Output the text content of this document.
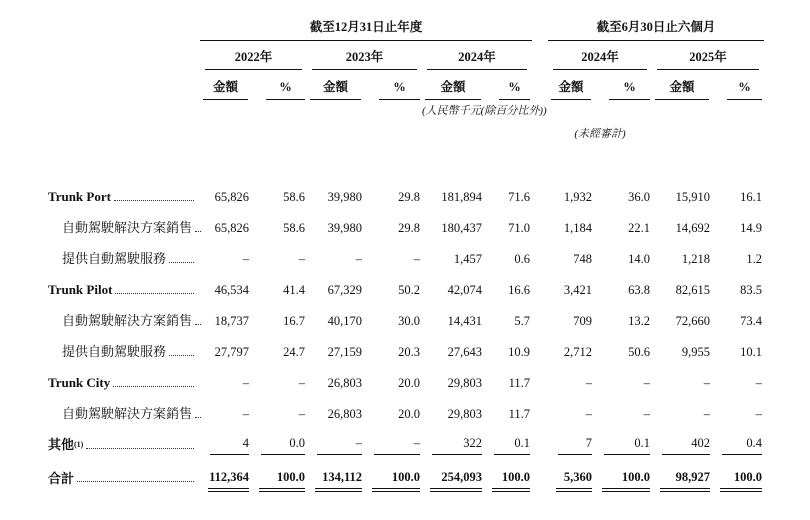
	截至12月31日止年度							截至6月30日止六個月			

	2022年		2023年		2024年			2024年		2025年	

	金額	%	金額	%	金額	%		金額	%	金額	%

					(人民幣千元(除百分比外))						
								(未經審計)			

Trunk Port	65,826	58.6	39,980	29.8	181,894	71.6		1,932	36.0	15,910	16.1

自動駕駛解決方案銷售	65,826	58.6	39,980	29.8	180,437	71.0		1,184	22.1	14,692	14.9

提供自動駕駛服務	–	–	–	–	1,457	0.6		748	14.0	1,218	1.2

Trunk Pilot	46,534	41.4	67,329	50.2	42,074	16.6		3,421	63.8	82,615	83.5

自動駕駛解決方案銷售	18,737	16.7	40,170	30.0	14,431	5.7		709	13.2	72,660	73.4

提供自動駕駛服務	27,797	24.7	27,159	20.3	27,643	10.9		2,712	50.6	9,955	10.1

Trunk City	–	–	26,803	20.0	29,803	11.7		–	–	–	–

自動駕駛解決方案銷售	–	–	26,803	20.0	29,803	11.7		–	–	–	–

其他 (1)	4	0.0	–	–	322	0.1		7	0.1	402	0.4

合計	112,364	100.0	134,112	100.0	254,093	100.0		5,360	100.0	98,927	100.0
